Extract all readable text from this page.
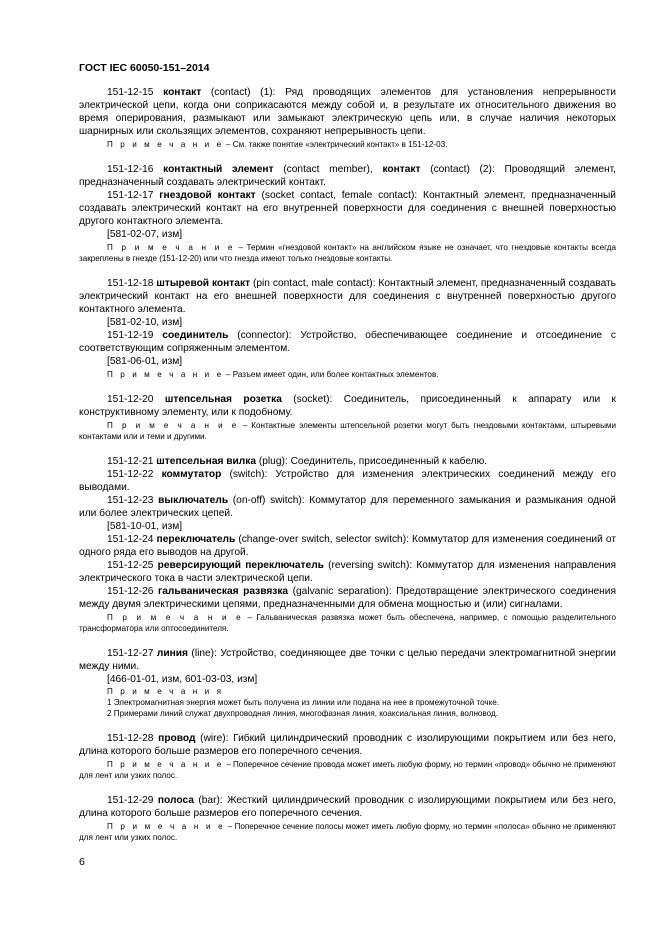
ГОСТ IEC 60050-151–2014

151-12-15 контакт (contact) (1): Ряд проводящих элементов для установления непрерывности электрической цепи, когда они соприкасаются между собой и, в результате их относительного движения во время оперирования, размыкают или замыкают электрическую цепь или, в случае наличия некоторых шарнирных или скользящих элементов, сохраняют непрерывность цепи.

П р и м е ч а н и е – См. также понятие «электрический контакт» в 151-12-03.

151-12-16 контактный элемент (contact member), контакт (contact) (2): Проводящий элемент, предназначенный создавать электрический контакт.

151-12-17 гнездовой контакт (socket contact, female contact): Контактный элемент, предназначенный создавать электрический контакт на его внутренней поверхности для соединения с внешней поверхностью другого контактного элемента.

[581-02-07, изм]

П р и м е ч а н и е – Термин «гнездовой контакт» на английском языке не означает, что гнездовые контакты всегда закреплены в гнезде (151-12-20) или что гнезда имеют только гнездовые контакты.

151-12-18 штыревой контакт (pin contact, male contact): Контактный элемент, предназначенный создавать электрический контакт на его внешней поверхности для соединения с внутренней поверхностью другого контактного элемента.

[581-02-10, изм]

151-12-19 соединитель (connector): Устройство, обеспечивающее соединение и отсоединение с соответствующим сопряженным элементом.

[581-06-01, изм]

П р и м е ч а н и е – Разъем имеет один, или более контактных элементов.

151-12-20 штепсельная розетка (socket): Соединитель, присоединенный к аппарату или к конструктивному элементу, или к подобному.

П р и м е ч а н и е – Контактные элементы штепсельной розетки могут быть гнездовыми контактами, штыревыми контактами или и теми и другими.

151-12-21 штепсельная вилка (plug): Соединитель, присоединенный к кабелю.

151-12-22 коммутатор (switch): Устройство для изменения электрических соединений между его выводами.

151-12-23 выключатель (on-off) switch): Коммутатор для переменного замыкания и размыкания одной или более электрических цепей.

[581-10-01, изм]

151-12-24 переключатель (change-over switch, selector switch): Коммутатор для изменения соединений от одного ряда его выводов на другой.

151-12-25 реверсирующий переключатель (reversing switch): Коммутатор для изменения направления электрического тока в части электрической цепи.

151-12-26 гальваническая развязка (galvanic separation): Предотвращение электрического соединения между двумя электрическими цепями, предназначенными для обмена мощностью и (или) сигналами.

П р и м е ч а н и е – Гальваническая развязка может быть обеспечена, например, с помощью разделительного трансформатора или оптосоединителя.

151-12-27 линия (line): Устройство, соединяющее две точки с целью передачи электромагнитной энергии между ними.

[466-01-01, изм, 601-03-03, изм]

П р и м е ч а н и я

1 Электромагнитная энергия может быть получена из линии или подана на нее в промежуточной точке.

2 Примерами линий служат двухпроводная линия, многофазная линия, коаксиальная линия, волновод.

151-12-28 провод (wire): Гибкий цилиндрический проводник с изолирующими покрытием или без него, длина которого больше размеров его поперечного сечения.

П р и м е ч а н и е – Поперечное сечение провода может иметь любую форму, но термин «провод» обычно не применяют для лент или узких полос.

151-12-29 полоса (bar): Жесткий цилиндрический проводник с изолирующими покрытием или без него, длина которого больше размеров его поперечного сечения.

П р и м е ч а н и е – Поперечное сечение полосы может иметь любую форму, но термин «полоса» обычно не применяют для лент или узких полос.

6
